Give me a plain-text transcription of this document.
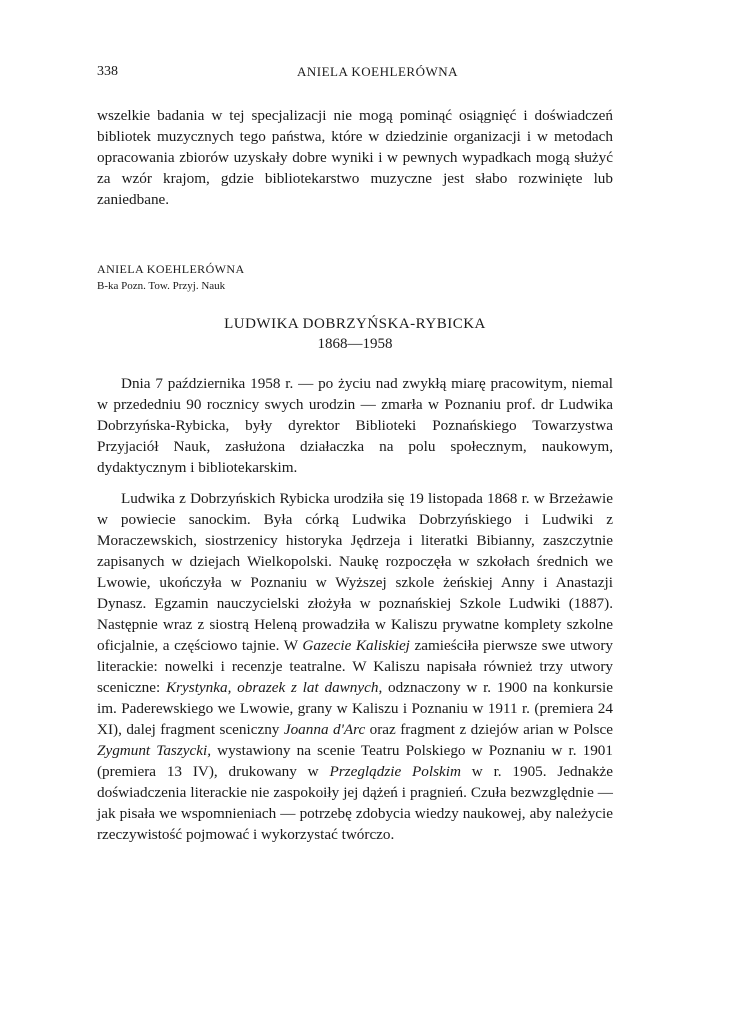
338	ANIELA KOEHLERÓWNA

wszelkie badania w tej specjalizacji nie mogą pominąć osiągnięć i doświadczeń bibliotek muzycznych tego państwa, które w dziedzinie organizacji i w metodach opracowania zbiorów uzyskały dobre wyniki i w pewnych wypadkach mogą służyć za wzór krajom, gdzie bibliotekarstwo muzyczne jest słabo rozwinięte lub zaniedbane.

ANIELA KOEHLERÓWNA
B-ka Pozn. Tow. Przyj. Nauk
LUDWIKA DOBRZYŃSKA-RYBICKA
1868—1958

Dnia 7 października 1958 r. — po życiu nad zwykłą miarę pracowitym, niemal w przededniu 90 rocznicy swych urodzin — zmarła w Poznaniu prof. dr Ludwika Dobrzyńska-Rybicka, były dyrektor Biblioteki Poznańskiego Towarzystwa Przyjaciół Nauk, zasłużona działaczka na polu społecznym, naukowym, dydaktycznym i bibliotekarskim.

Ludwika z Dobrzyńskich Rybicka urodziła się 19 listopada 1868 r. w Brzeżawie w powiecie sanockim. Była córką Ludwika Dobrzyńskiego i Ludwiki z Moraczewskich, siostrzenicy historyka Jędrzeja i literatki Bibianny, zaszczytnie zapisanych w dziejach Wielkopolski. Naukę rozpoczęła w szkołach średnich we Lwowie, ukończyła w Poznaniu w Wyższej szkole żeńskiej Anny i Anastazji Dynasz. Egzamin nauczycielski złożyła w poznańskiej Szkole Ludwiki (1887). Następnie wraz z siostrą Heleną prowadziła w Kaliszu prywatne komplety szkolne oficjalnie, a częściowo tajnie. W Gazecie Kaliskiej zamieściła pierwsze swe utwory literackie: nowelki i recenzje teatralne. W Kaliszu napisała również trzy utwory sceniczne: Krystynka, obrazek z lat dawnych, odznaczony w r. 1900 na konkursie im. Paderewskiego we Lwowie, grany w Kaliszu i Poznaniu w 1911 r. (premiera 24 XI), dalej fragment sceniczny Joanna d'Arc oraz fragment z dziejów arian w Polsce Zygmunt Taszycki, wystawiony na scenie Teatru Polskiego w Poznaniu w r. 1901 (premiera 13 IV), drukowany w Przeglądzie Polskim w r. 1905. Jednakże doświadczenia literackie nie zaspokoiły jej dążeń i pragnień. Czuła bezwzględnie — jak pisała we wspomnieniach — potrzebę zdobycia wiedzy naukowej, aby należycie rzeczywistość pojmować i wykorzystać twórczo.
